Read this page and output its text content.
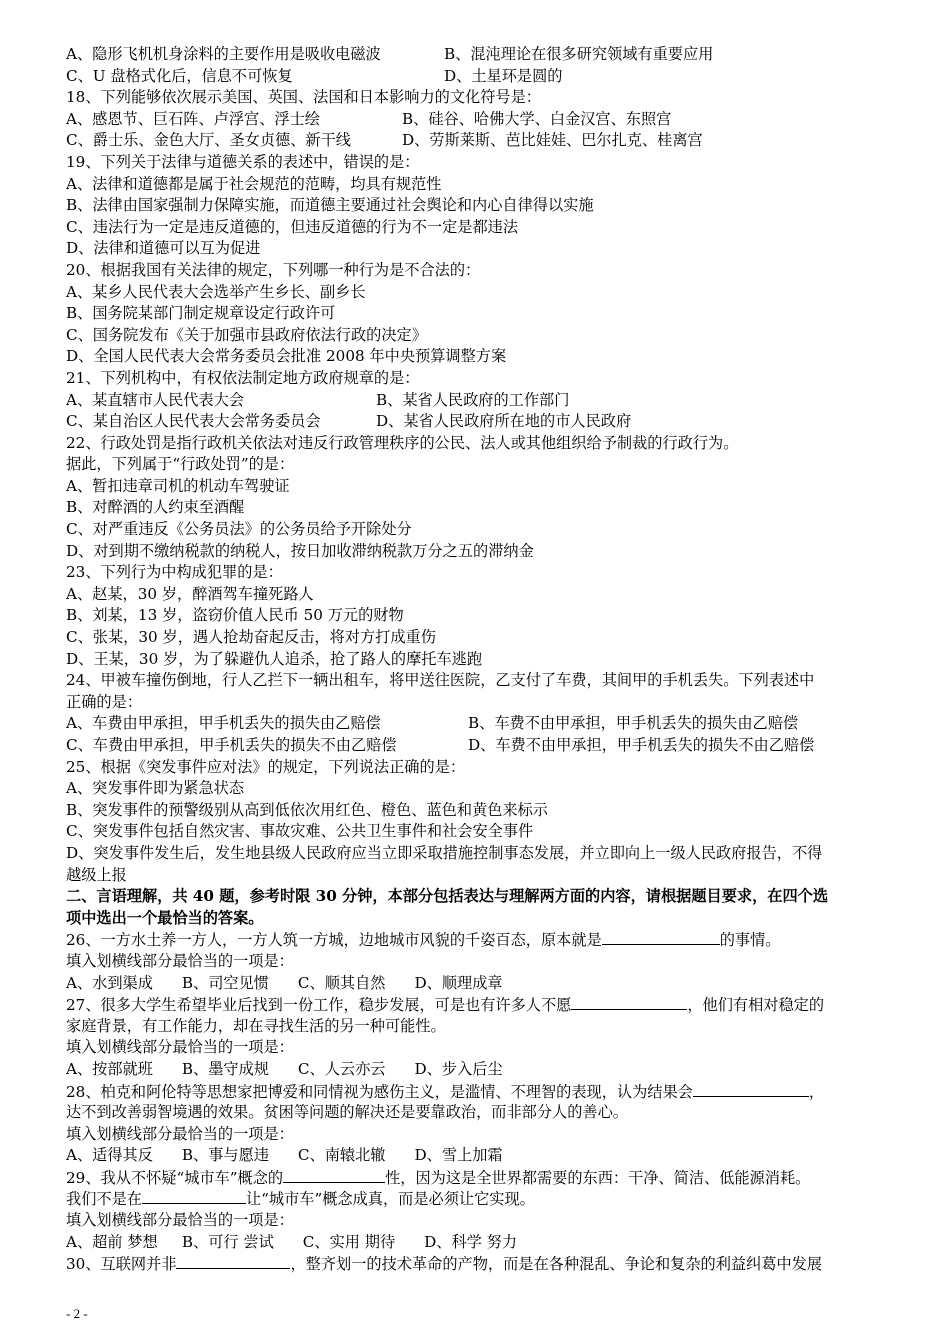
A、隐形飞机机身涂料的主要作用是吸收电磁波	B、混沌理论在很多研究领域有重要应用
C、U 盘格式化后，信息不可恢复	D、土星环是圆的
18、下列能够依次展示美国、英国、法国和日本影响力的文化符号是：
A、感恩节、巨石阵、卢浮宫、浮士绘	B、硅谷、哈佛大学、白金汉宫、东照宫
C、爵士乐、金色大厅、圣女贞德、新干线	D、劳斯莱斯、芭比娃娃、巴尔扎克、桂离宫
19、下列关于法律与道德关系的表述中，错误的是：
A、法律和道德都是属于社会规范的范畴，均具有规范性
B、法律由国家强制力保障实施，而道德主要通过社会舆论和内心自律得以实施
C、违法行为一定是违反道德的，但违反道德的行为不一定是都违法
D、法律和道德可以互为促进
20、根据我国有关法律的规定，下列哪一种行为是不合法的：
A、某乡人民代表大会选举产生乡长、副乡长
B、国务院某部门制定规章设定行政许可
C、国务院发布《关于加强市县政府依法行政的决定》
D、全国人民代表大会常务委员会批准 2008 年中央预算调整方案
21、下列机构中，有权依法制定地方政府规章的是：
A、某直辖市人民代表大会	B、某省人民政府的工作部门
C、某自治区人民代表大会常务委员会	D、某省人民政府所在地的市人民政府
22、行政处罚是指行政机关依法对违反行政管理秩序的公民、法人或其他组织给予制裁的行政行为。
据此，下列属于“行政处罚”的是：
A、暂扣违章司机的机动车驾驶证
B、对醉酒的人约束至酒醒
C、对严重违反《公务员法》的公务员给予开除处分
D、对到期不缴纳税款的纳税人，按日加收滞纳税款万分之五的滞纳金
23、下列行为中构成犯罪的是：
A、赵某，30 岁，醉酒驾车撞死路人
B、刘某，13 岁，盗窃价值人民币 50 万元的财物
C、张某，30 岁，遇人抢劫奋起反击，将对方打成重伤
D、王某，30 岁，为了躲避仇人追杀，抢了路人的摩托车逃跑
24、甲被车撞伤倒地，行人乙拦下一辆出租车，将甲送往医院，乙支付了车费，其间甲的手机丢失。下列表述中
正确的是：
A、车费由甲承担，甲手机丢失的损失由乙赔偿	B、车费不由甲承担，甲手机丢失的损失由乙赔偿
C、车费由甲承担，甲手机丢失的损失不由乙赔偿	D、车费不由甲承担，甲手机丢失的损失不由乙赔偿
25、根据《突发事件应对法》的规定，下列说法正确的是：
A、突发事件即为紧急状态
B、突发事件的预警级别从高到低依次用红色、橙色、蓝色和黄色来标示
C、突发事件包括自然灾害、事故灾难、公共卫生事件和社会安全事件
D、突发事件发生后，发生地县级人民政府应当立即采取措施控制事态发展，并立即向上一级人民政府报告，不得
越级上报
二、言语理解，共 40 题，参考时限 30 分钟，本部分包括表达与理解两方面的内容，请根据题目要求，在四个选
项中选出一个最恰当的答案。
26、一方水土养一方人，一方人筑一方城，边地城市风貌的千姿百态，原本就是	的事情。
填入划横线部分最恰当的一项是：
A、水到渠成      B、司空见惯      C、顺其自然      D、顺理成章
27、很多大学生希望毕业后找到一份工作，稳步发展，可是也有许多人不愿	，他们有相对稳定的
家庭背景，有工作能力，却在寻找生活的另一种可能性。
填入划横线部分最恰当的一项是：
A、按部就班      B、墨守成规      C、人云亦云      D、步入后尘
28、柏克和阿伦特等思想家把博爱和同情视为感伤主义，是滥情、不理智的表现，认为结果会	，
达不到改善弱智境遇的效果。贫困等问题的解决还是要靠政治，而非部分人的善心。
填入划横线部分最恰当的一项是：
A、适得其反      B、事与愿违      C、南辕北辙      D、雪上加霜
29、我从不怀疑“城市车”概念的	性，因为这是全世界都需要的东西：干净、简洁、低能源消耗。
我们不是在	让“城市车”概念成真，而是必须让它实现。
填入划横线部分最恰当的一项是：
A、超前 梦想     B、可行 尝试      C、实用 期待      D、科学 努力
30、互联网并非	，整齐划一的技术革命的产物，而是在各种混乱、争论和复杂的利益纠葛中发展
- 2 -
